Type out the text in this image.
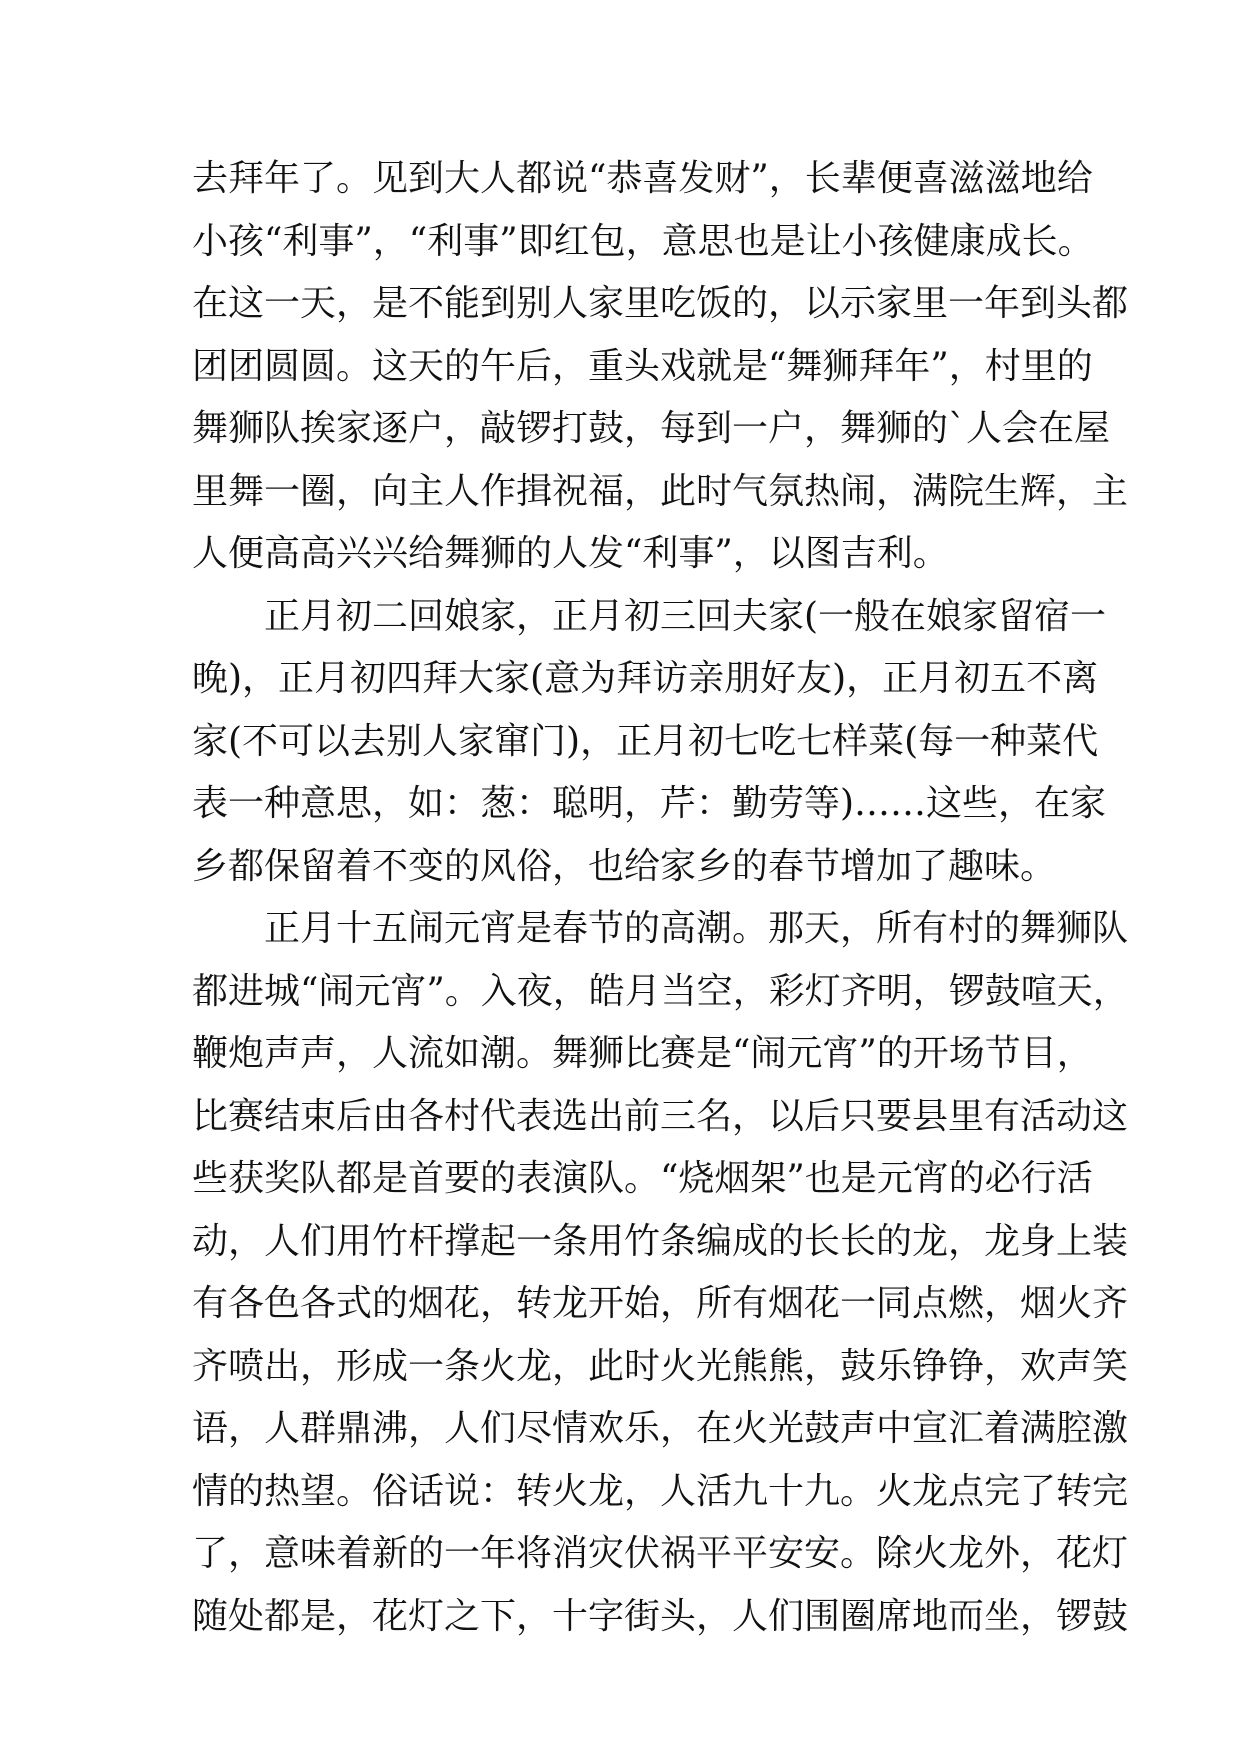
去拜年了。见到大人都说“恭喜发财”，长辈便喜滋滋地给
小孩“利事”，“利事”即红包，意思也是让小孩健康成长。
在这一天，是不能到别人家里吃饭的，以示家里一年到头都
团团圆圆。这天的午后，重头戏就是“舞狮拜年”，村里的
舞狮队挨家逐户，敲锣打鼓，每到一户，舞狮的`人会在屋
里舞一圈，向主人作揖祝福，此时气氛热闹，满院生辉，主
人便高高兴兴给舞狮的人发“利事”，以图吉利。
　　正月初二回娘家，正月初三回夫家(一般在娘家留宿一
晚)，正月初四拜大家(意为拜访亲朋好友)，正月初五不离
家(不可以去别人家窜门)，正月初七吃七样菜(每一种菜代
表一种意思，如：葱：聪明，芹：勤劳等)……这些，在家
乡都保留着不变的风俗，也给家乡的春节增加了趣味。
　　正月十五闹元宵是春节的高潮。那天，所有村的舞狮队
都进城“闹元宵”。入夜，皓月当空，彩灯齐明，锣鼓喧天，
鞭炮声声，人流如潮。舞狮比赛是“闹元宵”的开场节目，
比赛结束后由各村代表选出前三名，以后只要县里有活动这
些获奖队都是首要的表演队。“烧烟架”也是元宵的必行活
动，人们用竹杆撑起一条用竹条编成的长长的龙，龙身上装
有各色各式的烟花，转龙开始，所有烟花一同点燃，烟火齐
齐喷出，形成一条火龙，此时火光熊熊，鼓乐铮铮，欢声笑
语，人群鼎沸，人们尽情欢乐，在火光鼓声中宣汇着满腔激
情的热望。俗话说：转火龙，人活九十九。火龙点完了转完
了，意味着新的一年将消灾伏祸平平安安。除火龙外，花灯
随处都是，花灯之下，十字街头，人们围圈席地而坐，锣鼓
